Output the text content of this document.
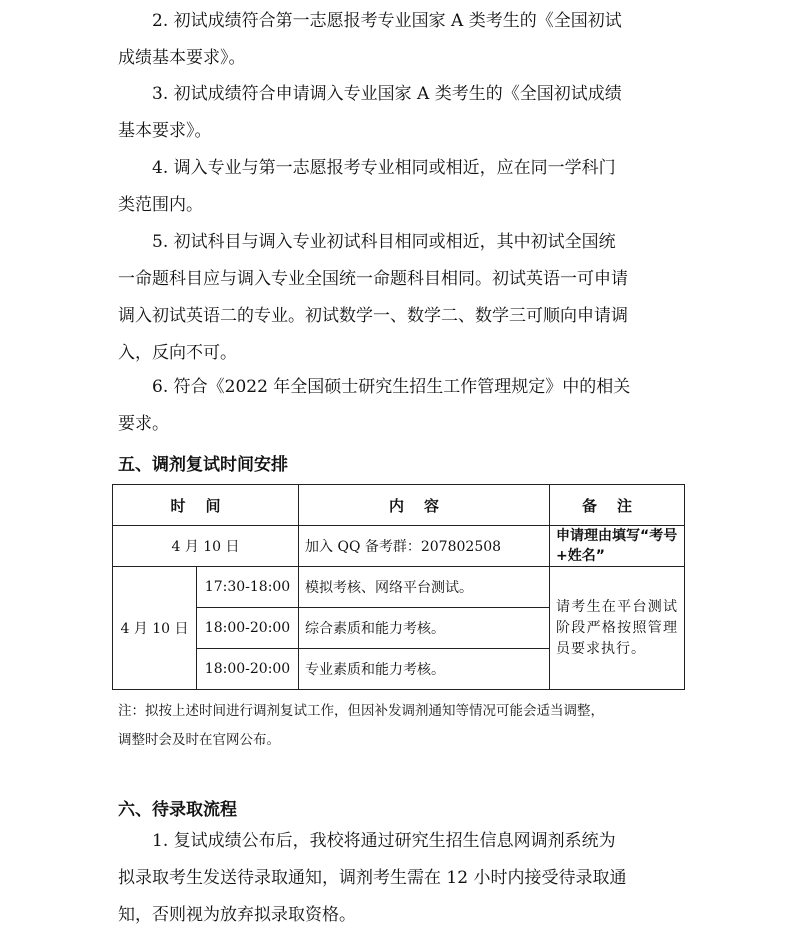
2. 初试成绩符合第一志愿报考专业国家 A 类考生的《全国初试
成绩基本要求》。
3. 初试成绩符合申请调入专业国家 A 类考生的《全国初试成绩
基本要求》。
4. 调入专业与第一志愿报考专业相同或相近，应在同一学科门
类范围内。
5. 初试科目与调入专业初试科目相同或相近，其中初试全国统
一命题科目应与调入专业全国统一命题科目相同。初试英语一可申请
调入初试英语二的专业。初试数学一、数学二、数学三可顺向申请调
入，反向不可。
6. 符合《2022 年全国硕士研究生招生工作管理规定》中的相关
要求。
五、调剂复试时间安排
时间		内容	备注
4 月 10 日		加入 QQ 备考群：207802508	申请理由填写“考号+姓名”
4 月 10 日	17:30-18:00	模拟考核、网络平台测试。	请考生在平台测试阶段严格按照管理员要求执行。
	18:00-20:00	综合素质和能力考核。	
	18:00-20:00	专业素质和能力考核。	
注：拟按上述时间进行调剂复试工作，但因补发调剂通知等情况可能会适当调整，
调整时会及时在官网公布。
六、待录取流程
1. 复试成绩公布后，我校将通过研究生招生信息网调剂系统为
拟录取考生发送待录取通知，调剂考生需在 12 小时内接受待录取通
知，否则视为放弃拟录取资格。
